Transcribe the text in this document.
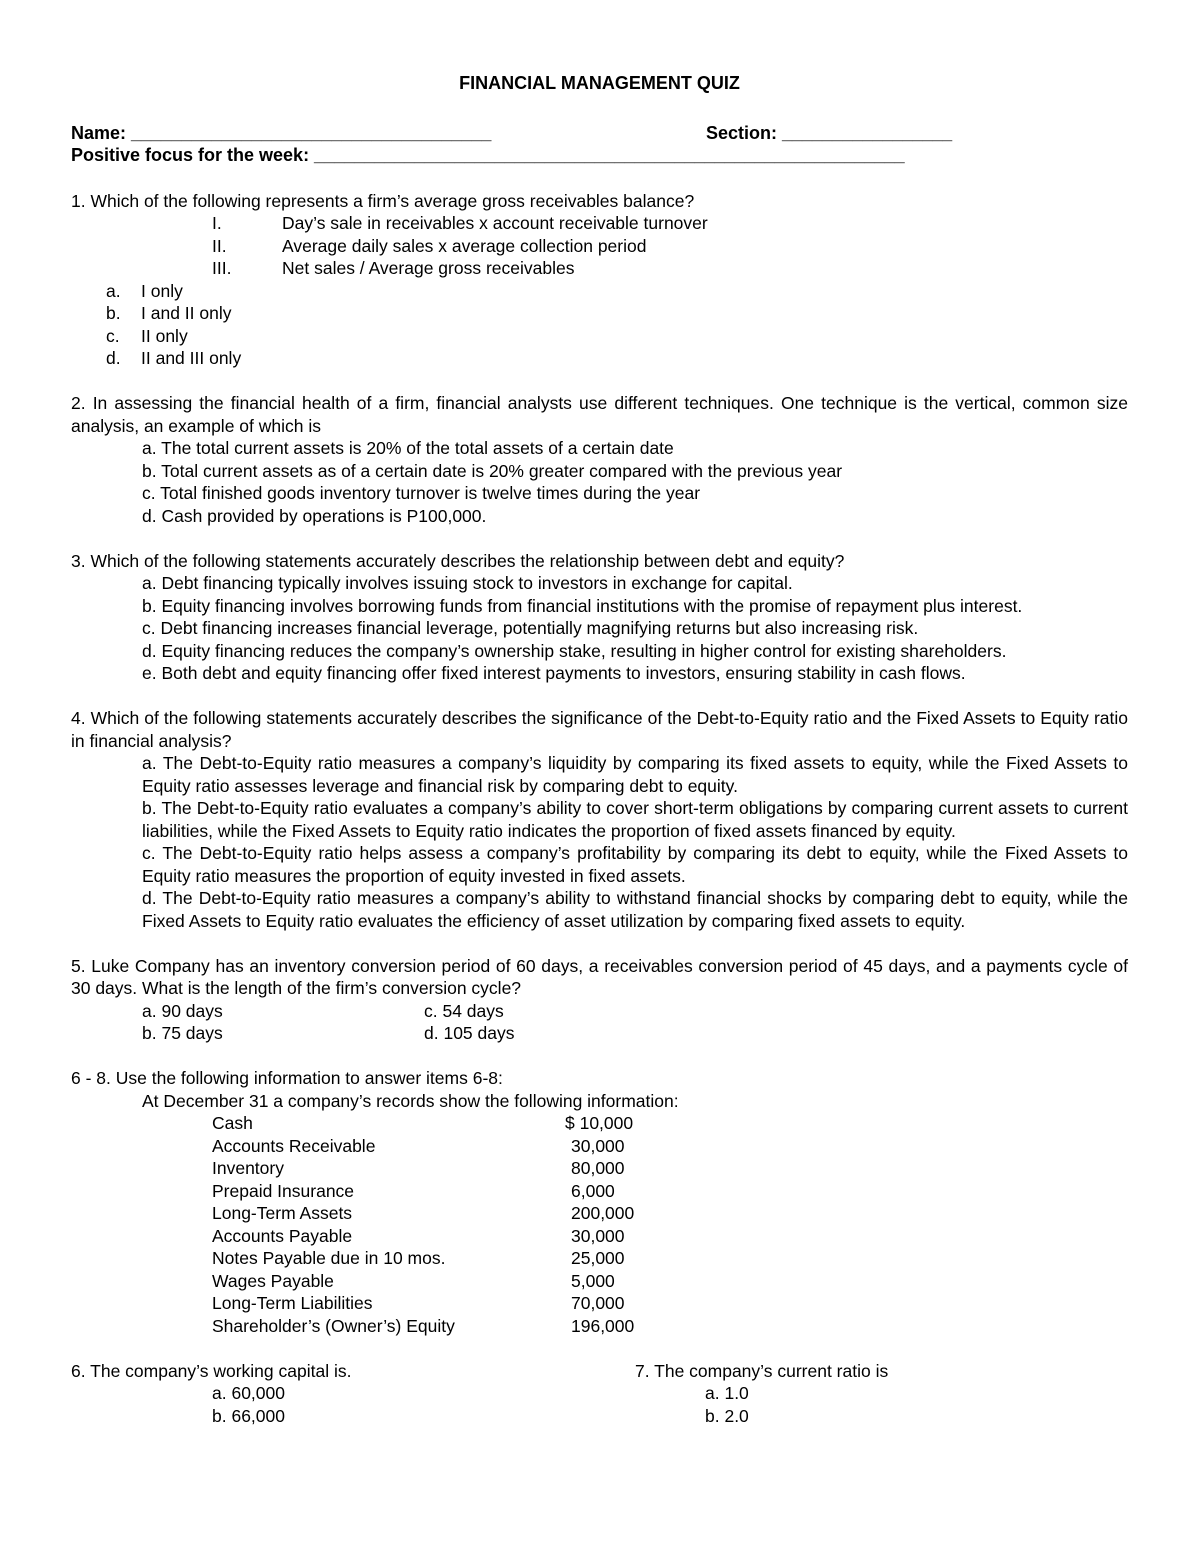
FINANCIAL MANAGEMENT QUIZ
Name: ____________________________________	Section: _________________
Positive focus for the week: ___________________________________________________________
1. Which of the following represents a firm’s average gross receivables balance?
I.	Day’s sale in receivables x account receivable turnover
II.	Average daily sales x average collection period
III.	Net sales / Average gross receivables
a.	I only
b.	I and II only
c.	II only
d.	II and III only
2. In assessing the financial health of a firm, financial analysts use different techniques. One technique is the vertical, common size analysis, an example of which is
a. The total current assets is 20% of the total assets of a certain date
b. Total current assets as of a certain date is 20% greater compared with the previous year
c. Total finished goods inventory turnover is twelve times during the year
d. Cash provided by operations is P100,000.
3. Which of the following statements accurately describes the relationship between debt and equity?
a. Debt financing typically involves issuing stock to investors in exchange for capital.
b. Equity financing involves borrowing funds from financial institutions with the promise of repayment plus interest.
c. Debt financing increases financial leverage, potentially magnifying returns but also increasing risk.
d. Equity financing reduces the company’s ownership stake, resulting in higher control for existing shareholders.
e. Both debt and equity financing offer fixed interest payments to investors, ensuring stability in cash flows.
4. Which of the following statements accurately describes the significance of the Debt-to-Equity ratio and the Fixed Assets to Equity ratio in financial analysis?
a. The Debt-to-Equity ratio measures a company’s liquidity by comparing its fixed assets to equity, while the Fixed Assets to Equity ratio assesses leverage and financial risk by comparing debt to equity.
b. The Debt-to-Equity ratio evaluates a company’s ability to cover short-term obligations by comparing current assets to current liabilities, while the Fixed Assets to Equity ratio indicates the proportion of fixed assets financed by equity.
c. The Debt-to-Equity ratio helps assess a company’s profitability by comparing its debt to equity, while the Fixed Assets to Equity ratio measures the proportion of equity invested in fixed assets.
d. The Debt-to-Equity ratio measures a company’s ability to withstand financial shocks by comparing debt to equity, while the Fixed Assets to Equity ratio evaluates the efficiency of asset utilization by comparing fixed assets to equity.
5. Luke Company has an inventory conversion period of 60 days, a receivables conversion period of 45 days, and a payments cycle of 30 days. What is the length of the firm’s conversion cycle?
a. 90 days	c. 54 days
b. 75 days	d. 105 days
6 - 8. Use the following information to answer items 6-8:
At December 31 a company’s records show the following information:
Cash	$ 10,000
Accounts Receivable	30,000
Inventory	80,000
Prepaid Insurance	6,000
Long-Term Assets	200,000
Accounts Payable	30,000
Notes Payable due in 10 mos.	25,000
Wages Payable	5,000
Long-Term Liabilities	70,000
Shareholder’s (Owner’s) Equity	196,000
6. The company’s working capital is.
a. 60,000
b. 66,000
7. The company’s current ratio is
a. 1.0
b. 2.0
